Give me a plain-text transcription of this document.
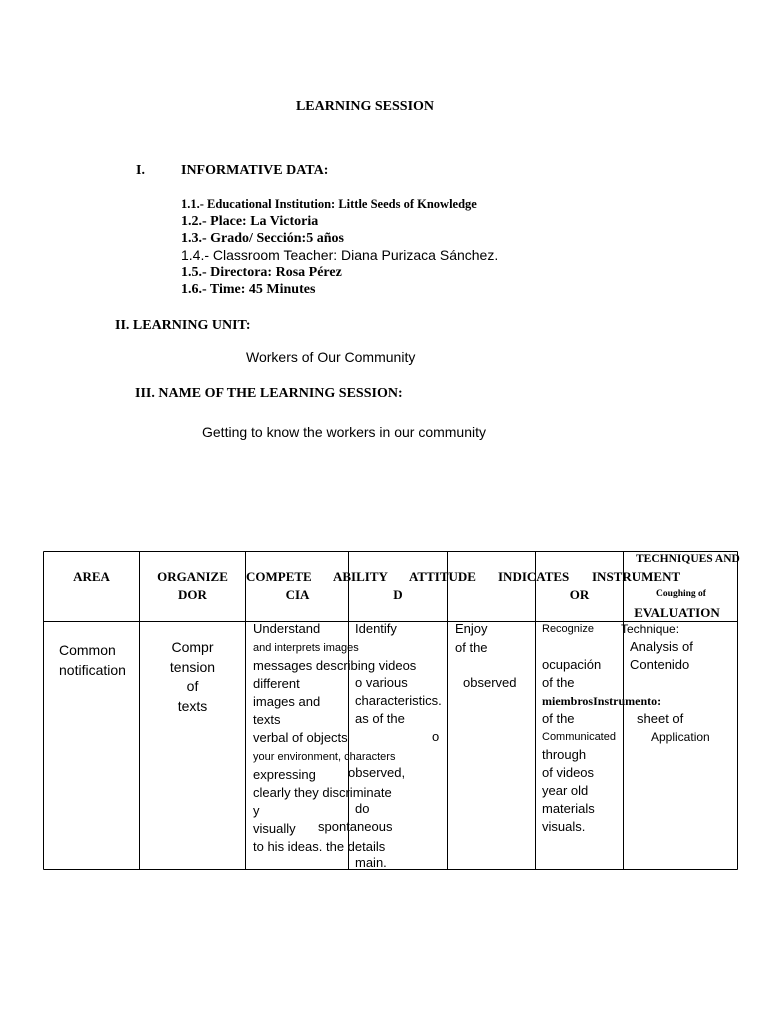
LEARNING SESSION
I.	INFORMATIVE DATA:
1.1.- Educational Institution: Little Seeds of Knowledge
1.2.- Place: La Victoria
1.3.- Grado/ Sección:5 años
1.4.- Classroom Teacher: Diana Purizaca Sánchez.
1.5.- Directora: Rosa Pérez
1.6.- Time: 45 Minutes
II. LEARNING UNIT:
Workers of Our Community
III. NAME OF THE LEARNING SESSION:
Getting to know the workers in our community
AREA	ORGANIZE
DOR
COMPETE
CIA
ABILITY
D
ATTITUDE INDICATES
OR
INSTRUMENT
TECHNIQUES AND
Coughing of
EVALUATION
Common
notification
Compr
tension
of
texts
Understand
and interprets images
messages describing videos
different
images and
texts
verbal of objects
your environment, characters
expressing
clearly they discriminate
y
visually
to his ideas. the details
Identify
o various
as of the
o
characteristics.
observed,
do
spontaneous
main.
Enjoy
of the
observed
Recognize
ocupación
of the
miembrosInstrumento:
of the
Communicated
through
of videos
year old
materials
visuals.
Technique:
Analysis of
Contenido
sheet of
Application
